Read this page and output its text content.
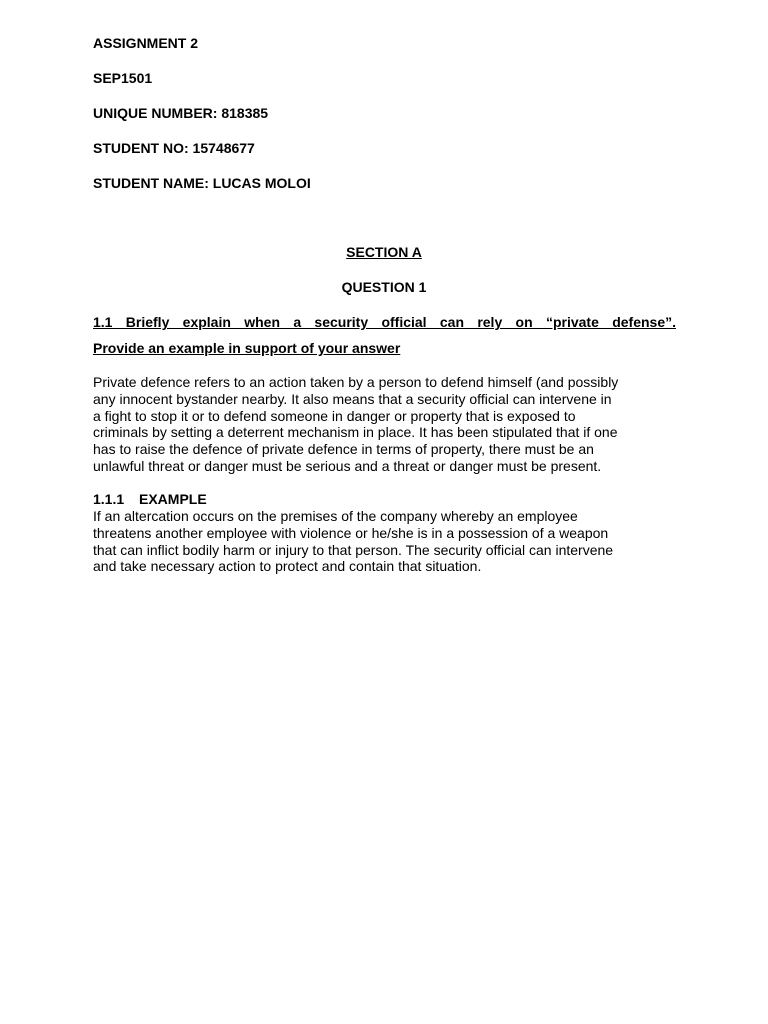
ASSIGNMENT 2
SEP1501
UNIQUE NUMBER: 818385
STUDENT NO: 15748677
STUDENT NAME: LUCAS MOLOI
SECTION A
QUESTION 1
1.1 Briefly explain when a security official can rely on “private defense”.
Provide an example in support of your answer
Private defence refers to an action taken by a person to defend himself (and possibly
any innocent bystander nearby. It also means that a security official can intervene in
a fight to stop it or to defend someone in danger or property that is exposed to
criminals by setting a deterrent mechanism in place. It has been stipulated that if one
has to raise the defence of private defence in terms of property, there must be an
unlawful threat or danger must be serious and a threat or danger must be present.
1.1.1 EXAMPLE
If an altercation occurs on the premises of the company whereby an employee
threatens another employee with violence or he/she is in a possession of a weapon
that can inflict bodily harm or injury to that person. The security official can intervene
and take necessary action to protect and contain that situation.
